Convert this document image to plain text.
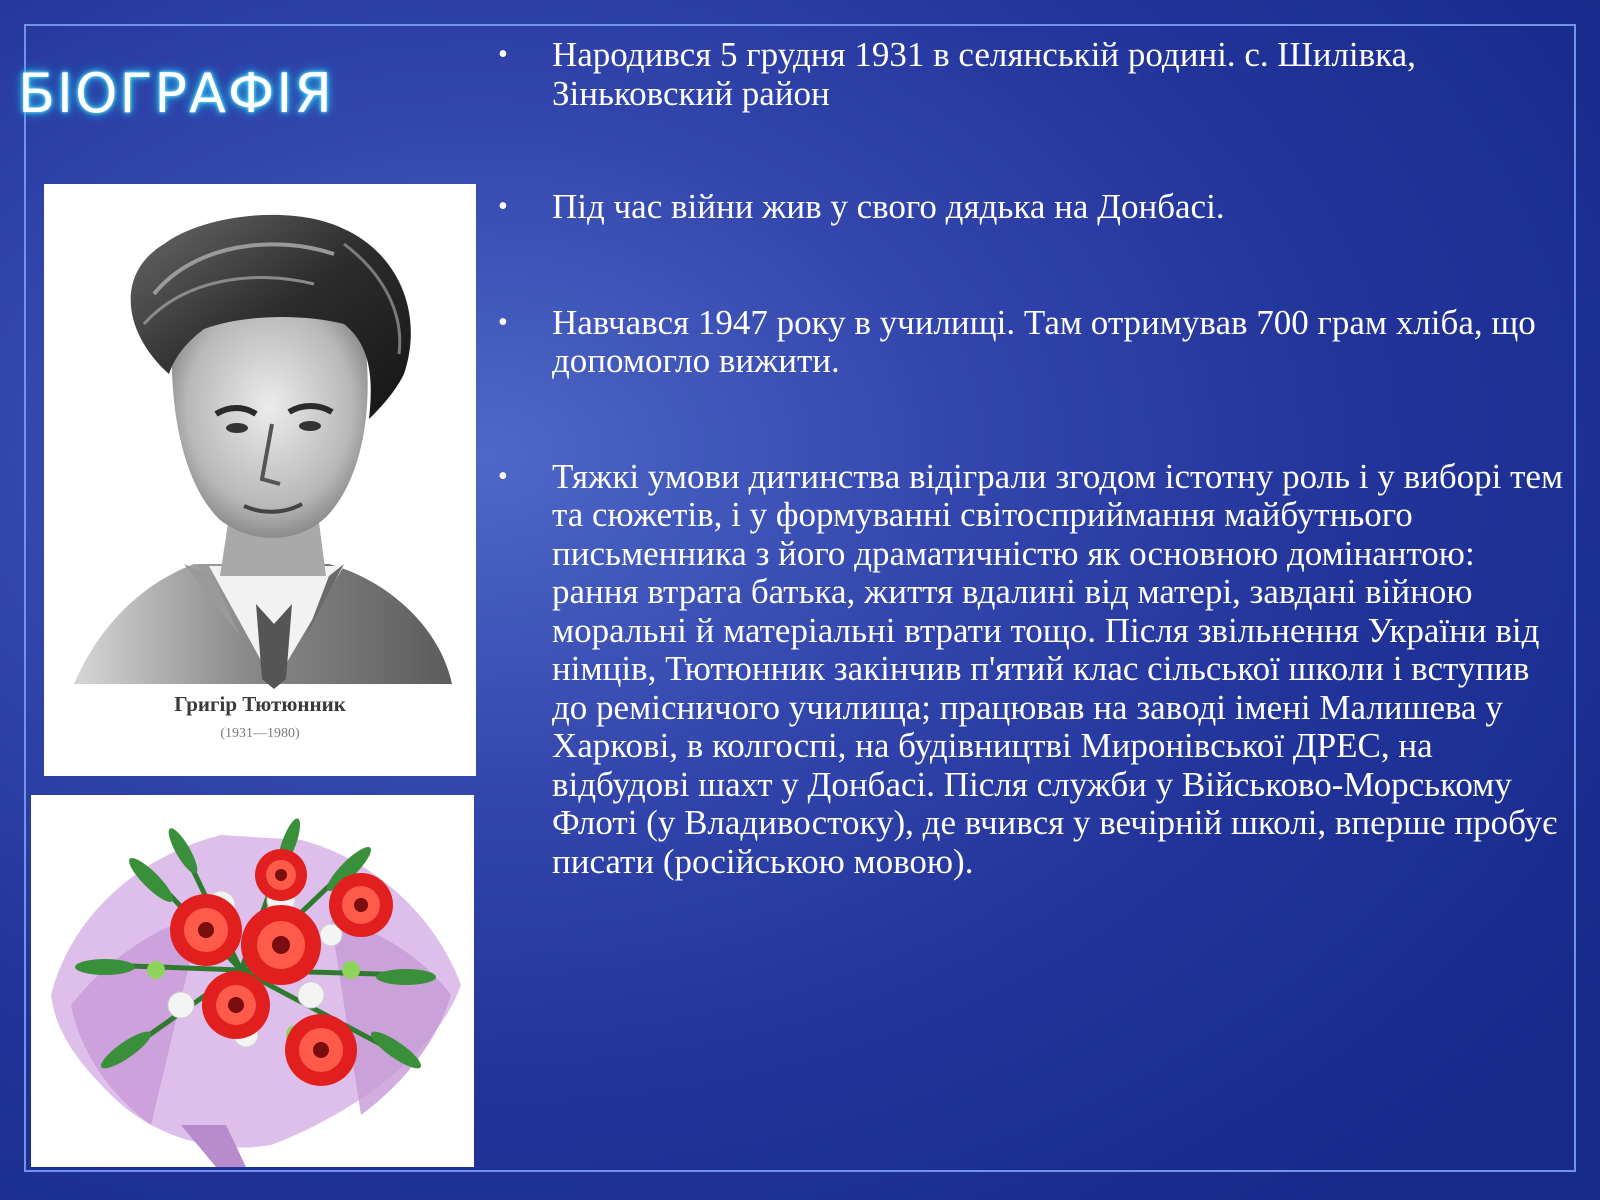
БІОГРАФІЯ
Григір Тютюнник
(1931—1980)
• Народився 5 грудня 1931 в селянській родині. с. Шилівка, Зіньковский район
• Під час війни жив у свого дядька на Донбасі.
• Навчався 1947 року в училищі. Там отримував 700 грам хліба, що допомогло вижити.
• Тяжкі умови дитинства відіграли згодом істотну роль і у виборі тем та сюжетів, і у формуванні світосприймання майбутнього письменника з його драматичністю як основною домінантою: рання втрата батька, життя вдалині від матері, завдані війною моральні й матеріальні втрати тощо. Після звільнення України від німців, Тютюнник закінчив п'ятий клас сільської школи і вступив до ремісничого училища; працював на заводі імені Малишева у Харкові, в колгоспі, на будівництві Миронівської ДРЕС, на відбудові шахт у Донбасі. Після служби у Військово-Морському Флоті (у Владивостоку), де вчився у вечірній школі, вперше пробує писати (російською мовою).
